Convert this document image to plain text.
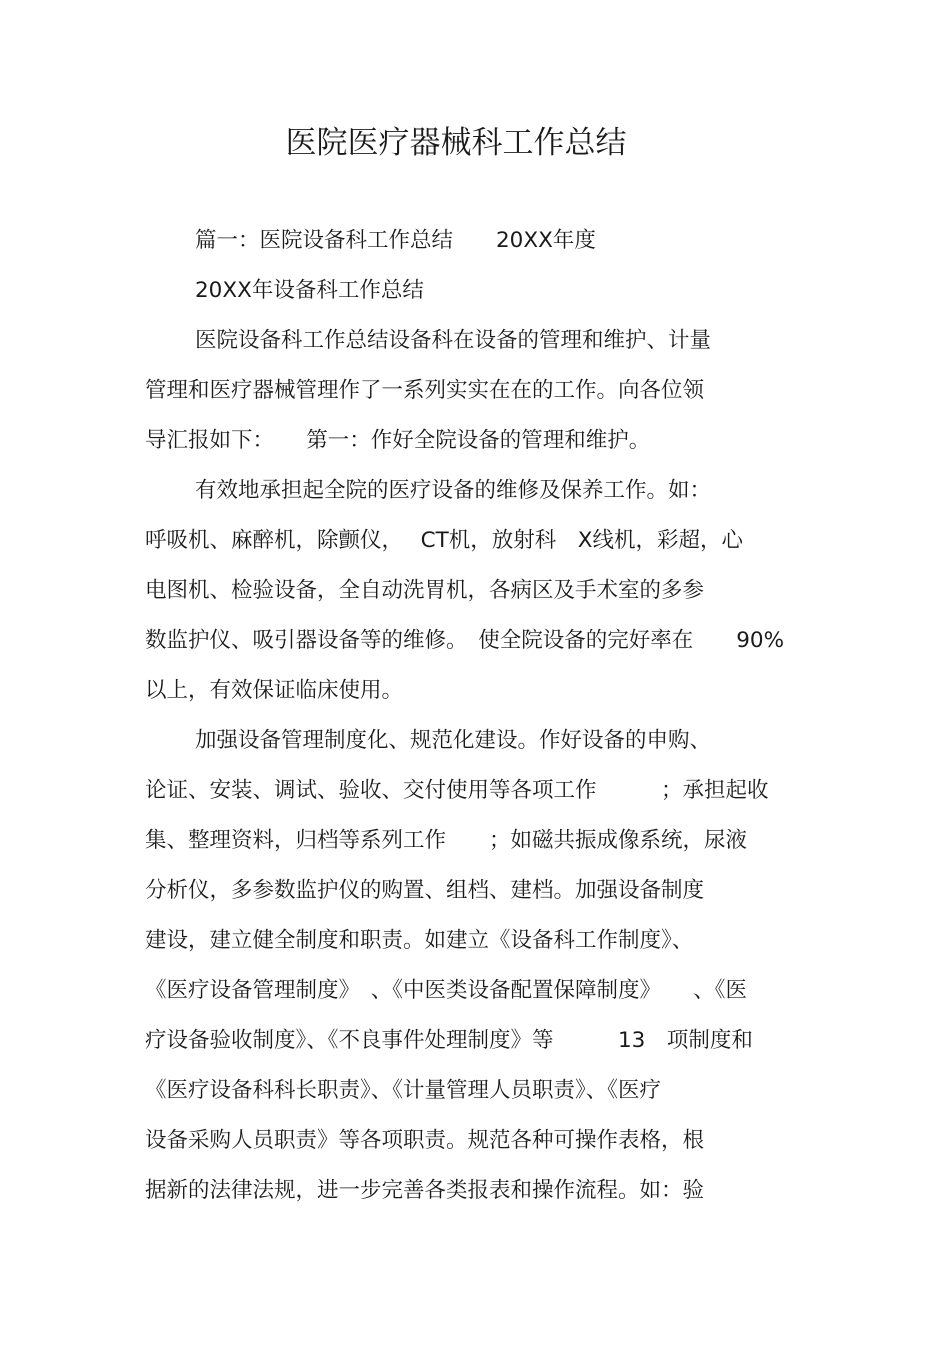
医院医疗器械科工作总结

篇一：医院设备科工作总结　　20XX年度

20XX年设备科工作总结

医院设备科工作总结设备科在设备的管理和维护、计量

管理和医疗器械管理作了一系列实实在在的工作。向各位领

导汇报如下：　　第一：作好全院设备的管理和维护。

有效地承担起全院的医疗设备的维修及保养工作。如：

呼吸机、麻醉机，除颤仪，　 CT机，放射科　X线机，彩超，心

电图机、检验设备，全自动洗胃机，各病区及手术室的多参

数监护仪、吸引器设备等的维修。　使全院设备的完好率在　　90%

以上，有效保证临床使用。

加强设备管理制度化、规范化建设。作好设备的申购、

论证、安装、调试、验收、交付使用等各项工作　　　；承担起收

集、整理资料，归档等系列工作　　；如磁共振成像系统，尿液

分析仪，多参数监护仪的购置、组档、建档。加强设备制度

建设，建立健全制度和职责。如建立《设备科工作制度》、

《医疗设备管理制度》　、《中医类设备配置保障制度》　　、《医

疗设备验收制度》、《不良事件处理制度》等　　　13　项制度和

《医疗设备科科长职责》、《计量管理人员职责》、《医疗

设备采购人员职责》等各项职责。规范各种可操作表格，根

据新的法律法规，进一步完善各类报表和操作流程。如：验
